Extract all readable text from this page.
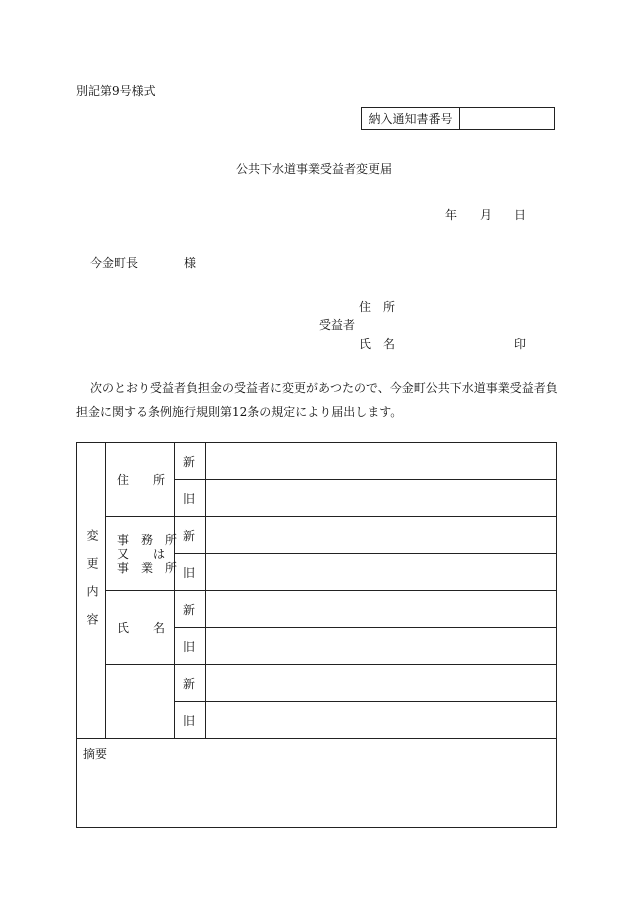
別記第9号様式
納入通知書番号
公共下水道事業受益者変更届
年 月 日
今金町長	様
住　所
受益者
氏　名	印
次のとおり受益者負担金の受益者に変更があつたので、今金町公共下水道事業受益者負
担金に関する条例施行規則第12条の規定により届出します。
変更内容
住　　所
事　務　所
又　　は
事　業　所
氏　　名
新
旧
新
旧
新
旧
新
旧
摘要
